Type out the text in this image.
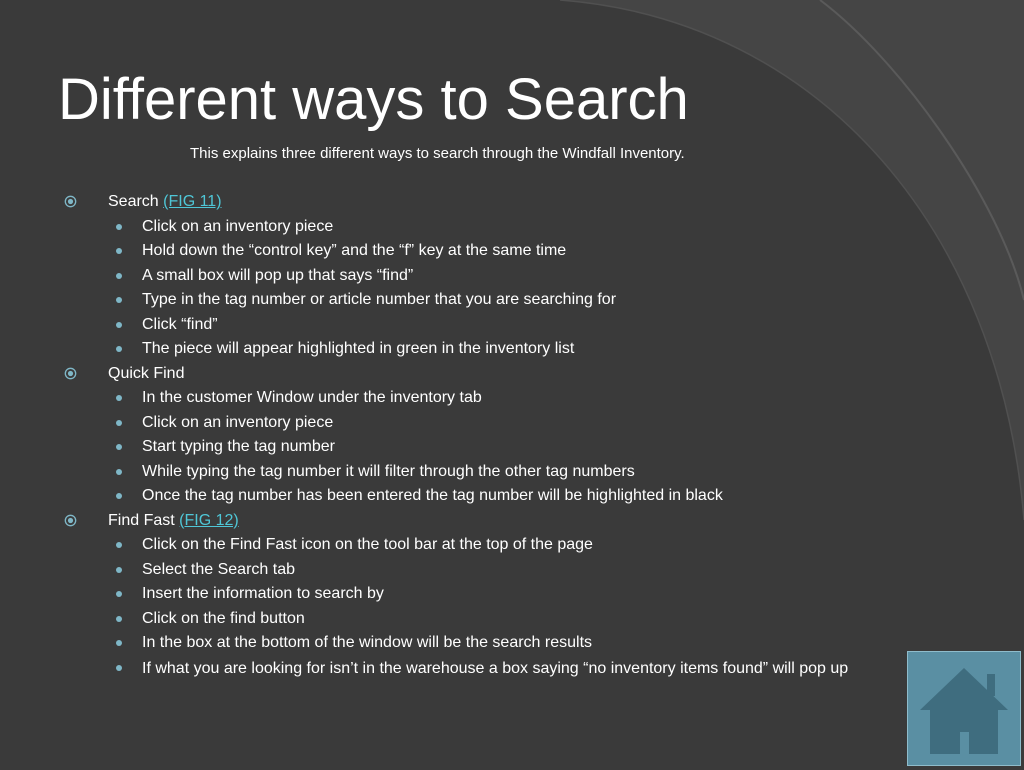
Different ways to Search
This explains three different ways to search through the Windfall Inventory.
Search (FIG 11)
Click on an inventory piece
Hold down the “control key” and the “f” key at the same time
A small box will pop up that says “find”
Type in the tag number or article number that you are searching for
Click “find”
The piece will appear highlighted in green in the inventory list
Quick Find
In the customer Window under the inventory tab
Click on an inventory piece
Start typing the tag number
While typing the tag number it will filter through the other tag numbers
Once the tag number has been entered the tag number will be highlighted in black
Find Fast (FIG 12)
Click on the Find Fast icon on the tool bar at the top of the page
Select the Search tab
Insert the information to search by
Click on the find button
In the box at the bottom of the window will be the search results
If what you are looking for isn’t in the warehouse a box saying “no inventory items found” will pop up
